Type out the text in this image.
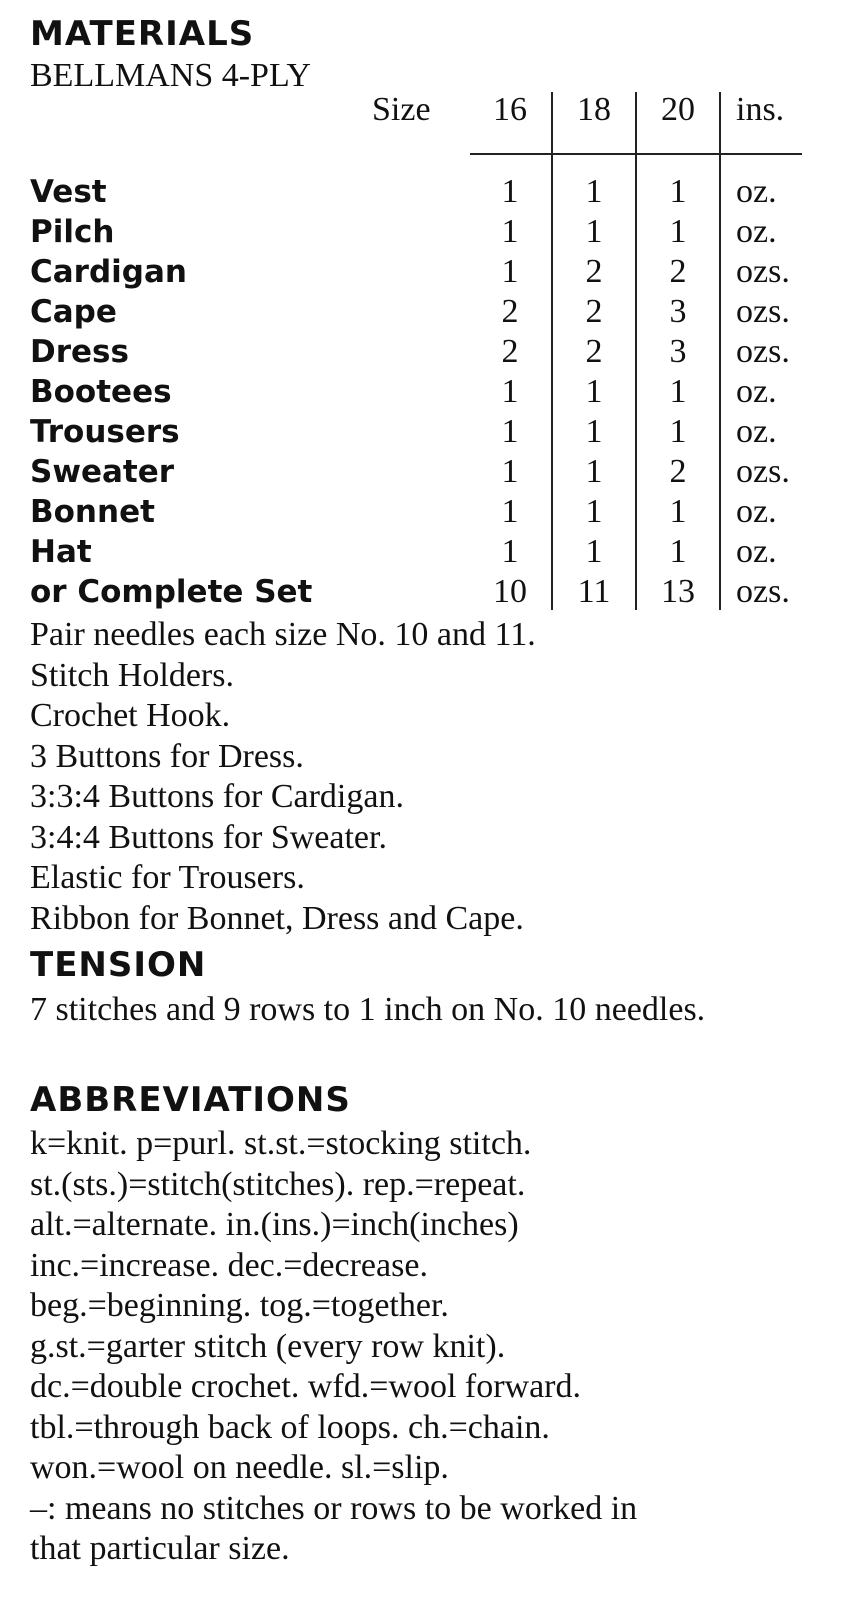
MATERIALS
BELLMANS 4-PLY
Size	16	18	20	ins.
Vest	1	1	1	oz.
Pilch	1	1	1	oz.
Cardigan	1	2	2	ozs.
Cape	2	2	3	ozs.
Dress	2	2	3	ozs.
Bootees	1	1	1	oz.
Trousers	1	1	1	oz.
Sweater	1	1	2	ozs.
Bonnet	1	1	1	oz.
Hat	1	1	1	oz.
or Complete Set	10	11	13	ozs.
Pair needles each size No. 10 and 11.
Stitch Holders.
Crochet Hook.
3 Buttons for Dress.
3:3:4 Buttons for Cardigan.
3:4:4 Buttons for Sweater.
Elastic for Trousers.
Ribbon for Bonnet, Dress and Cape.
TENSION
7 stitches and 9 rows to 1 inch on No. 10 needles.
ABBREVIATIONS
k=knit. p=purl. st.st.=stocking stitch.
st.(sts.)=stitch(stitches). rep.=repeat.
alt.=alternate. in.(ins.)=inch(inches)
inc.=increase. dec.=decrease.
beg.=beginning. tog.=together.
g.st.=garter stitch (every row knit).
dc.=double crochet. wfd.=wool forward.
tbl.=through back of loops. ch.=chain.
won.=wool on needle. sl.=slip.
–: means no stitches or rows to be worked in
that particular size.
